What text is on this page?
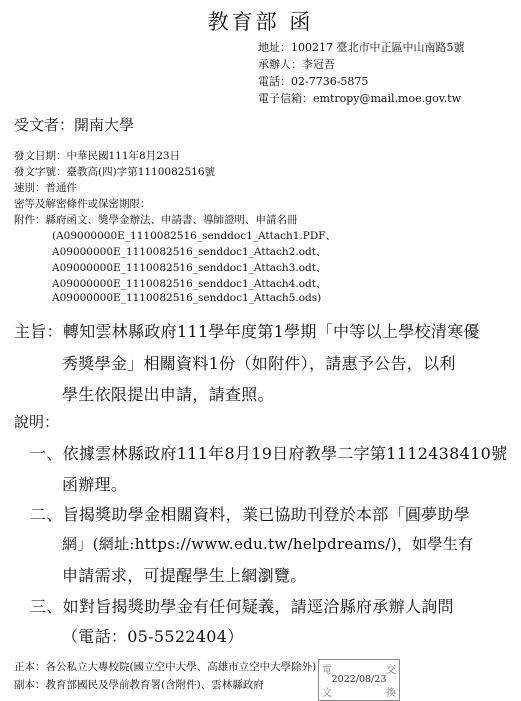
教育部 函
地址：100217 臺北市中正區中山南路5號
承辦人：李冠吾
電話：02-7736-5875
電子信箱：emtropy@mail.moe.gov.tw
受文者：開南大學
發文日期：中華民國111年8月23日
發文字號：臺教高(四)字第1110082516號
速別：普通件
密等及解密條件或保密期限：
附件：縣府函文、獎學金辦法、申請書、導師證明、申請名冊
(A09000000E_1110082516_senddoc1_Attach1.PDF、
A09000000E_1110082516_senddoc1_Attach2.odt、
A09000000E_1110082516_senddoc1_Attach3.odt、
A09000000E_1110082516_senddoc1_Attach4.odt、
A09000000E_1110082516_senddoc1_Attach5.ods)
主旨：轉知雲林縣政府111學年度第1學期「中等以上學校清寒優
秀獎學金」相關資料1份（如附件），請惠予公告，以利
學生依限提出申請，請查照。
說明：
一、依據雲林縣政府111年8月19日府教學二字第1112438410號
函辦理。
二、旨揭獎助學金相關資料，業已協助刊登於本部「圓夢助學
網」(網址:https://www.edu.tw/helpdreams/)，如學生有
申請需求，可提醒學生上網瀏覽。
三、如對旨揭獎助學金有任何疑義，請逕洽縣府承辦人詢問
（電話：05-5522404）
正本：各公私立大專校院(國立空中大學、高雄市立空中大學除外)
副本：教育部國民及學前教育署(含附件)、雲林縣政府
電	交
2022/08/23
文	換
